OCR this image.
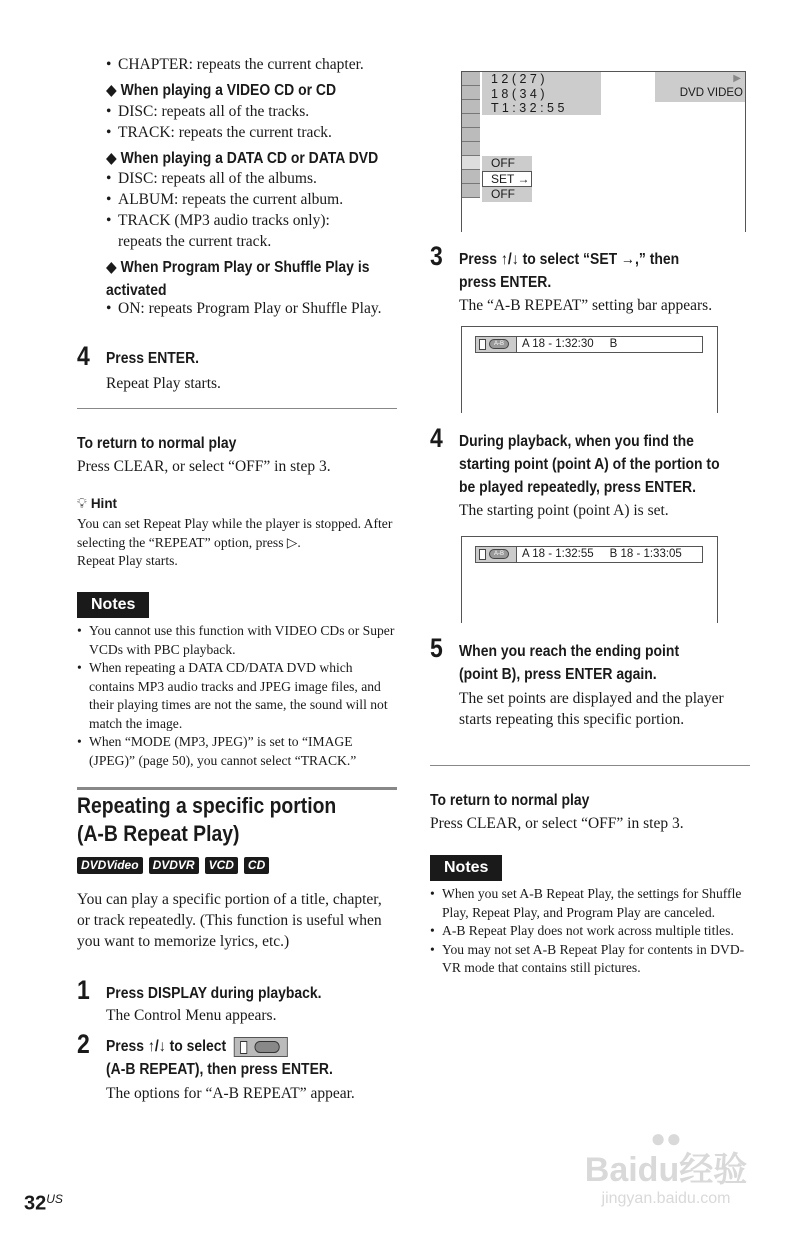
• CHAPTER: repeats the current chapter.
◆ When playing a VIDEO CD or CD
• DISC: repeats all of the tracks.
• TRACK: repeats the current track.
◆ When playing a DATA CD or DATA DVD
• DISC: repeats all of the albums.
• ALBUM: repeats the current album.
• TRACK (MP3 audio tracks only): repeats the current track.
◆ When Program Play or Shuffle Play is activated
• ON: repeats Program Play or Shuffle Play.
4 Press ENTER.
Repeat Play starts.
To return to normal play
Press CLEAR, or select “OFF” in step 3.
💡︎ Hint
You can set Repeat Play while the player is stopped. After selecting the “REPEAT” option, press ▷.
Repeat Play starts.
Notes
• You cannot use this function with VIDEO CDs or Super VCDs with PBC playback.
• When repeating a DATA CD/DATA DVD which contains MP3 audio tracks and JPEG image files, and their playing times are not the same, the sound will not match the image.
• When “MODE (MP3, JPEG)” is set to “IMAGE (JPEG)” (page 50), you cannot select “TRACK.”
Repeating a specific portion
(A-B Repeat Play)
DVDVideo DVDVR VCD CD
You can play a specific portion of a title, chapter, or track repeatedly. (This function is useful when you want to memorize lyrics, etc.)
1 Press DISPLAY during playback.
The Control Menu appears.
2 Press ↑/↓ to select
(A-B REPEAT), then press ENTER.
The options for “A-B REPEAT” appear.
1 2 ( 2 7 )
1 8 ( 3 4 )
T 1 : 3 2 : 5 5
▶
DVD VIDEO
OFF
SET →
OFF
3 Press ↑/↓ to select “SET →,” then
press ENTER.
The “A-B REPEAT” setting bar appears.
A-B	A 18 - 1:32:30     B
4 During playback, when you find the
starting point (point A) of the portion to
be played repeatedly, press ENTER.
The starting point (point A) is set.
A-B	A 18 - 1:32:55     B 18 - 1:33:05
5 When you reach the ending point
(point B), press ENTER again.
The set points are displayed and the player starts repeating this specific portion.
To return to normal play
Press CLEAR, or select “OFF” in step 3.
Notes
• When you set A-B Repeat Play, the settings for Shuffle Play, Repeat Play, and Program Play are canceled.
• A-B Repeat Play does not work across multiple titles.
• You may not set A-B Repeat Play for contents in DVD-VR mode that contains still pictures.
$32^{US}$
●●
Baidu经验
jingyan.baidu.com
